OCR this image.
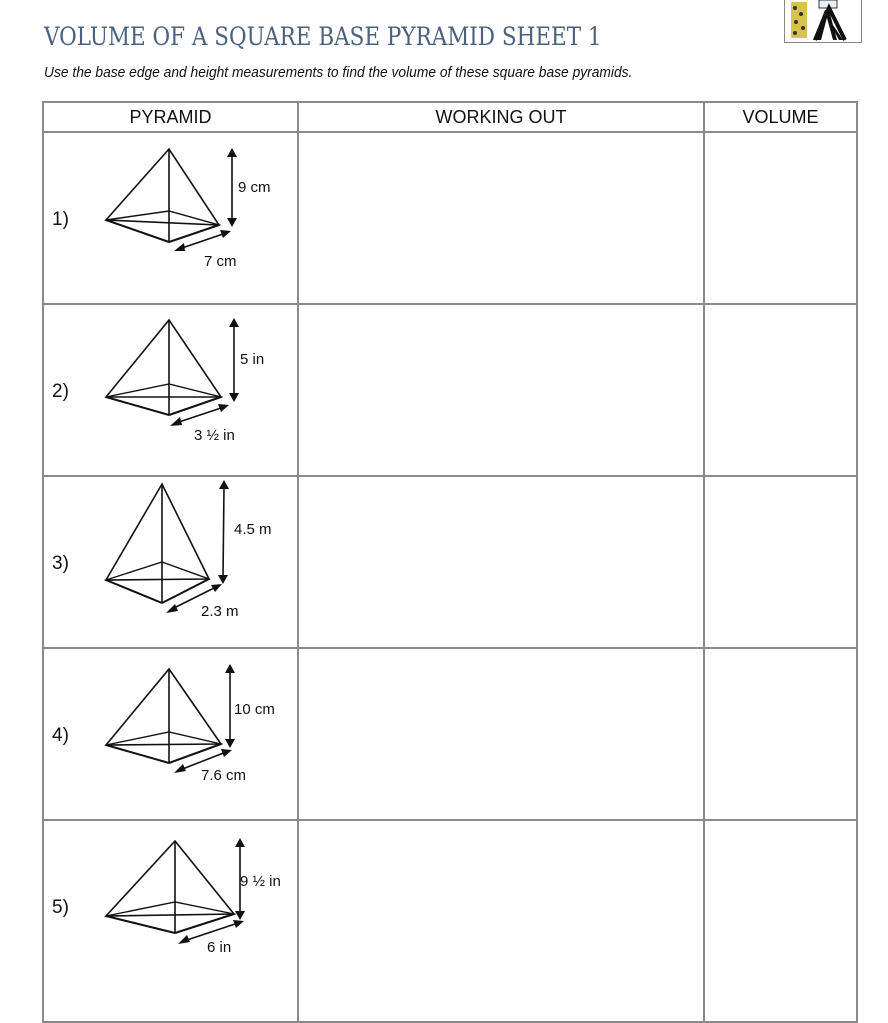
VOLUME OF A SQUARE BASE PYRAMID SHEET 1
Use the base edge and height measurements to find the volume of these square base pyramids.
PYRAMID	WORKING OUT	VOLUME

1)
9 cm
7 cm		

2)
5 in
3 ½ in		

3)
4.5 m
2.3 m		

4)
10 cm
7.6 cm		

5)
9 ½ in
6 in		
